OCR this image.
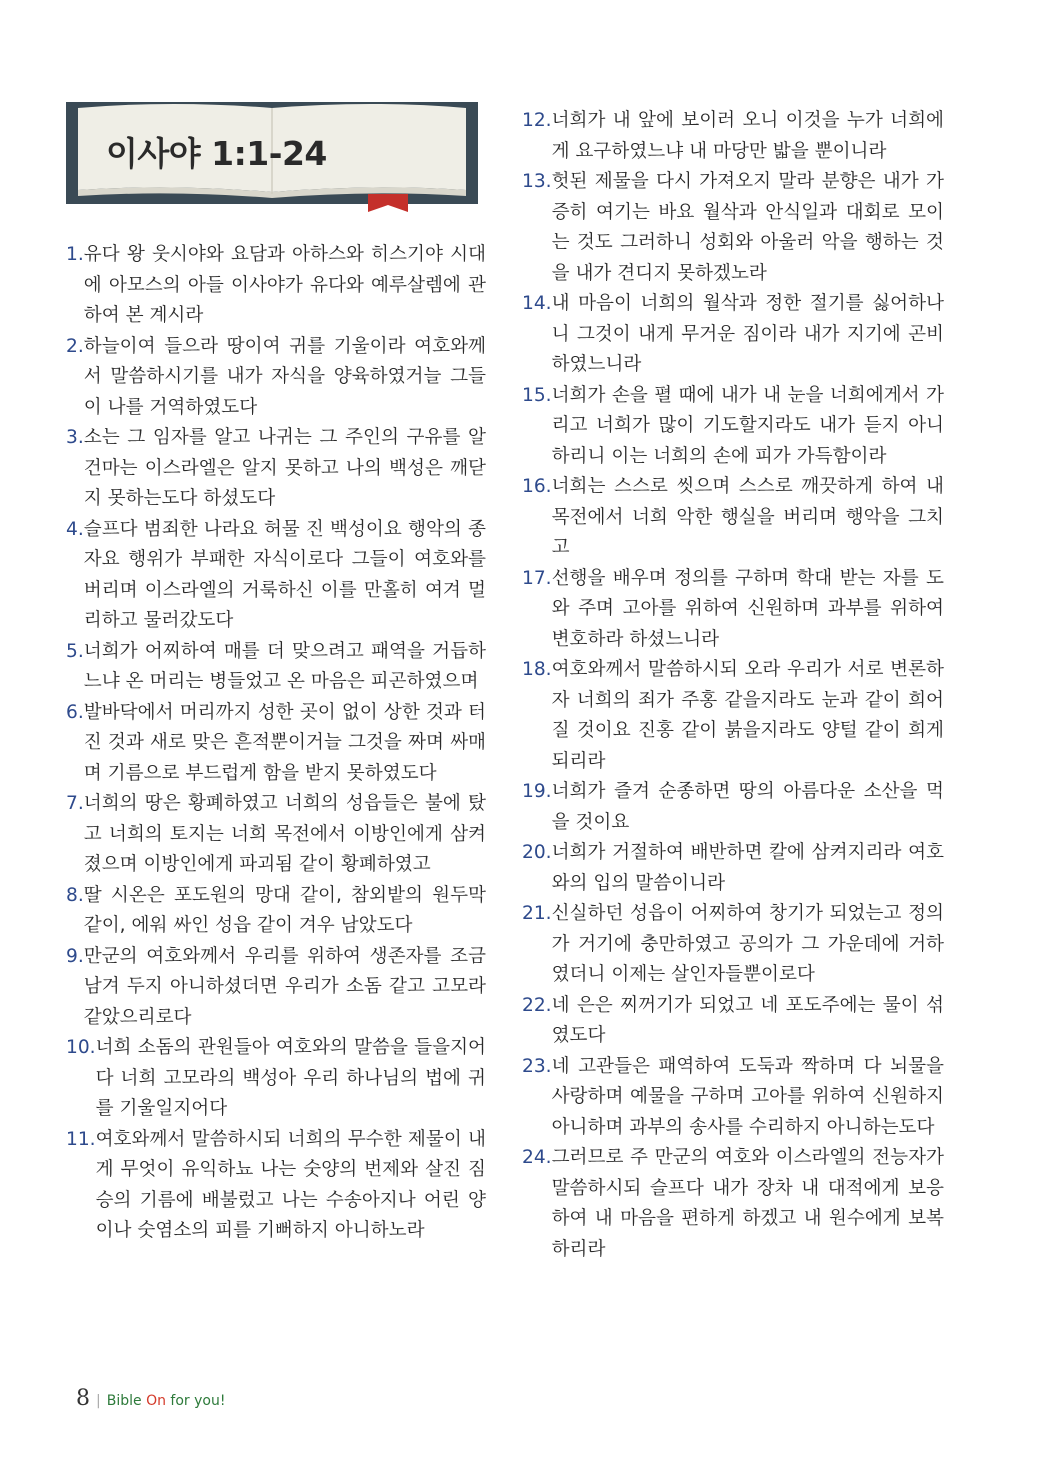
이사야 1:1-24
1. 유다 왕 웃시야와 요담과 아하스와 히스기야 시대에 아모스의 아들 이사야가 유다와 예루살렘에 관하여 본 계시라
2. 하늘이여 들으라 땅이여 귀를 기울이라 여호와께서 말씀하시기를 내가 자식을 양육하였거늘 그들이 나를 거역하였도다
3. 소는 그 임자를 알고 나귀는 그 주인의 구유를 알건마는 이스라엘은 알지 못하고 나의 백성은 깨닫지 못하는도다 하셨도다
4. 슬프다 범죄한 나라요 허물 진 백성이요 행악의 종자요 행위가 부패한 자식이로다 그들이 여호와를 버리며 이스라엘의 거룩하신 이를 만홀히 여겨 멀리하고 물러갔도다
5. 너희가 어찌하여 매를 더 맞으려고 패역을 거듭하느냐 온 머리는 병들었고 온 마음은 피곤하였으며
6. 발바닥에서 머리까지 성한 곳이 없이 상한 것과 터진 것과 새로 맞은 흔적뿐이거늘 그것을 짜며 싸매며 기름으로 부드럽게 함을 받지 못하였도다
7. 너희의 땅은 황폐하였고 너희의 성읍들은 불에 탔고 너희의 토지는 너희 목전에서 이방인에게 삼켜졌으며 이방인에게 파괴됨 같이 황폐하였고
8. 딸 시온은 포도원의 망대 같이, 참외밭의 원두막 같이, 에워 싸인 성읍 같이 겨우 남았도다
9. 만군의 여호와께서 우리를 위하여 생존자를 조금 남겨 두지 아니하셨더면 우리가 소돔 같고 고모라 같았으리로다
10. 너희 소돔의 관원들아 여호와의 말씀을 들을지어다 너희 고모라의 백성아 우리 하나님의 법에 귀를 기울일지어다
11. 여호와께서 말씀하시되 너희의 무수한 제물이 내게 무엇이 유익하뇨 나는 숫양의 번제와 살진 짐승의 기름에 배불렀고 나는 수송아지나 어린 양이나 숫염소의 피를 기뻐하지 아니하노라
12. 너희가 내 앞에 보이러 오니 이것을 누가 너희에게 요구하였느냐 내 마당만 밟을 뿐이니라
13. 헛된 제물을 다시 가져오지 말라 분향은 내가 가증히 여기는 바요 월삭과 안식일과 대회로 모이는 것도 그러하니 성회와 아울러 악을 행하는 것을 내가 견디지 못하겠노라
14. 내 마음이 너희의 월삭과 정한 절기를 싫어하나니 그것이 내게 무거운 짐이라 내가 지기에 곤비하였느니라
15. 너희가 손을 펼 때에 내가 내 눈을 너희에게서 가리고 너희가 많이 기도할지라도 내가 듣지 아니하리니 이는 너희의 손에 피가 가득함이라
16. 너희는 스스로 씻으며 스스로 깨끗하게 하여 내 목전에서 너희 악한 행실을 버리며 행악을 그치고
17. 선행을 배우며 정의를 구하며 학대 받는 자를 도와 주며 고아를 위하여 신원하며 과부를 위하여 변호하라 하셨느니라
18. 여호와께서 말씀하시되 오라 우리가 서로 변론하자 너희의 죄가 주홍 같을지라도 눈과 같이 희어질 것이요 진홍 같이 붉을지라도 양털 같이 희게 되리라
19. 너희가 즐겨 순종하면 땅의 아름다운 소산을 먹을 것이요
20. 너희가 거절하여 배반하면 칼에 삼켜지리라 여호와의 입의 말씀이니라
21. 신실하던 성읍이 어찌하여 창기가 되었는고 정의가 거기에 충만하였고 공의가 그 가운데에 거하였더니 이제는 살인자들뿐이로다
22. 네 은은 찌꺼기가 되었고 네 포도주에는 물이 섞였도다
23. 네 고관들은 패역하여 도둑과 짝하며 다 뇌물을 사랑하며 예물을 구하며 고아를 위하여 신원하지 아니하며 과부의 송사를 수리하지 아니하는도다
24. 그러므로 주 만군의 여호와 이스라엘의 전능자가 말씀하시되 슬프다 내가 장차 내 대적에게 보응하여 내 마음을 편하게 하겠고 내 원수에게 보복하리라
8 | Bible On for you!
